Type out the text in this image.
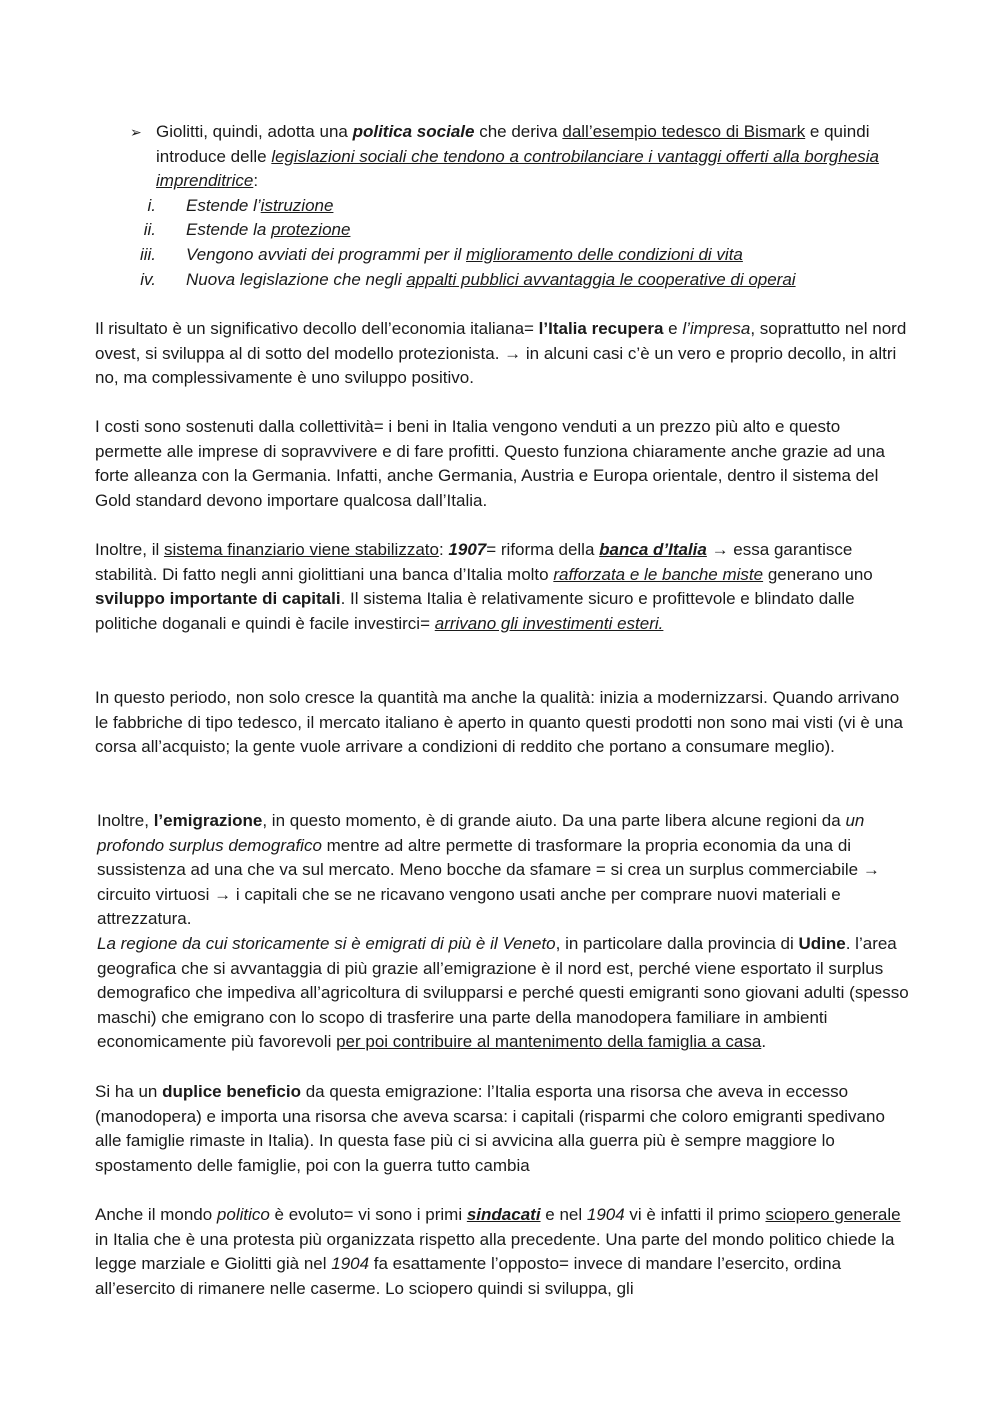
➢ Giolitti, quindi, adotta una politica sociale che deriva dall’esempio tedesco di Bismark e quindi introduce delle legislazioni sociali che tendono a controbilanciare i vantaggi offerti alla borghesia imprenditrice:
i. Estende l’istruzione
ii. Estende la protezione
iii. Vengono avviati dei programmi per il miglioramento delle condizioni di vita
iv. Nuova legislazione che negli appalti pubblici avvantaggia le cooperative di operai

Il risultato è un significativo decollo dell’economia italiana= l’Italia recupera e l’impresa, soprattutto nel nord ovest, si sviluppa al di sotto del modello protezionista. → in alcuni casi c’è un vero e proprio decollo, in altri no, ma complessivamente è uno sviluppo positivo.

I costi sono sostenuti dalla collettività= i beni in Italia vengono venduti a un prezzo più alto e questo permette alle imprese di sopravvivere e di fare profitti. Questo funziona chiaramente anche grazie ad una forte alleanza con la Germania. Infatti, anche Germania, Austria e Europa orientale, dentro il sistema del Gold standard devono importare qualcosa dall’Italia.

Inoltre, il sistema finanziario viene stabilizzato: 1907= riforma della banca d’Italia → essa garantisce stabilità. Di fatto negli anni giolittiani una banca d’Italia molto rafforzata e le banche miste generano uno sviluppo importante di capitali. Il sistema Italia è relativamente sicuro e profittevole e blindato dalle politiche doganali e quindi è facile investirci= arrivano gli investimenti esteri.

In questo periodo, non solo cresce la quantità ma anche la qualità: inizia a modernizzarsi. Quando arrivano le fabbriche di tipo tedesco, il mercato italiano è aperto in quanto questi prodotti non sono mai visti (vi è una corsa all’acquisto; la gente vuole arrivare a condizioni di reddito che portano a consumare meglio).

Inoltre, l’emigrazione, in questo momento, è di grande aiuto. Da una parte libera alcune regioni da un profondo surplus demografico mentre ad altre permette di trasformare la propria economia da una di sussistenza ad una che va sul mercato. Meno bocche da sfamare = si crea un surplus commerciabile → circuito virtuosi → i capitali che se ne ricavano vengono usati anche per comprare nuovi materiali e attrezzatura.

La regione da cui storicamente si è emigrati di più è il Veneto, in particolare dalla provincia di Udine. l’area geografica che si avvantaggia di più grazie all’emigrazione è il nord est, perché viene esportato il surplus demografico che impediva all’agricoltura di svilupparsi e perché questi emigranti sono giovani adulti (spesso maschi) che emigrano con lo scopo di trasferire una parte della manodopera familiare in ambienti economicamente più favorevoli per poi contribuire al mantenimento della famiglia a casa.

Si ha un duplice beneficio da questa emigrazione: l’Italia esporta una risorsa che aveva in eccesso (manodopera) e importa una risorsa che aveva scarsa: i capitali (risparmi che coloro emigranti spedivano alle famiglie rimaste in Italia). In questa fase più ci si avvicina alla guerra più è sempre maggiore lo spostamento delle famiglie, poi con la guerra tutto cambia

Anche il mondo politico è evoluto= vi sono i primi sindacati e nel 1904 vi è infatti il primo sciopero generale in Italia che è una protesta più organizzata rispetto alla precedente. Una parte del mondo politico chiede la legge marziale e Giolitti già nel 1904 fa esattamente l’opposto= invece di mandare l’esercito, ordina all’esercito di rimanere nelle caserme. Lo sciopero quindi si sviluppa, gli
